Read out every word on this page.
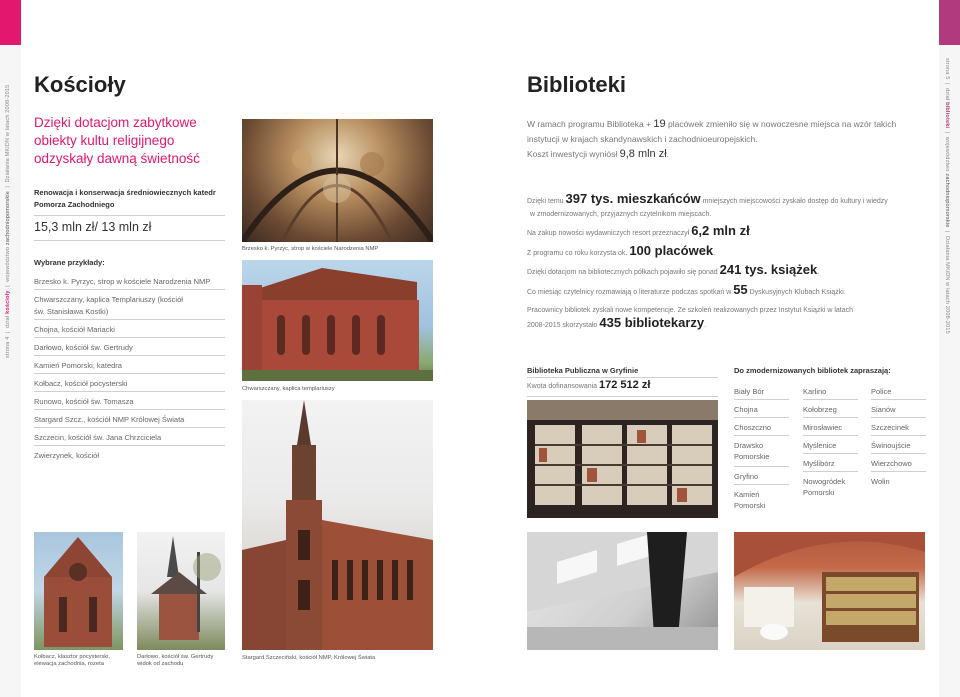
strona 4  |  dział kościoły  |  województwo zachodniopomorskie  |  Działania MKiDN w latach 2008-2015
Kościoły
Dzięki dotacjom zabytkowe obiekty kultu religijnego odzyskały dawną świetność
Renowacja i konserwacja średniowiecznych katedr Pomorza Zachodniego
15,3 mln zł/ 13 mln zł
Wybrane przykłady:
Brzesko k. Pyrzyc, strop w kościele Narodzenia NMP
Chwarszczany, kaplica Templariuszy (kościół św. Stanisława Kostki)
Chojna, kościół Mariacki
Darłowo, kościół św. Gertrudy
Kamień Pomorski, katedra
Kołbacz, kościół pocysterski
Runowo, kościół św. Tomasza
Stargard Szcz., kościół NMP Królowej Świata
Szczecin, kościół św. Jana Chrzciciela
Zwierzynek, kościół
Brzesko k. Pyrzyc, strop w kościele Narodzenia NMP
Chwarszczany, kaplica templariuszy
Stargard Szczeciński, kościół NMP, Królowej Świata
Kołbacz, klasztor pocysterski, elewacja zachodnia, rozeta
Darłowo, kościół św. Gertrudy widok od zachodu
Biblioteki
W ramach programu Biblioteka + 19 placówek zmieniło się w nowoczesne miejsca na wzór takich instytucji w krajach skandynawskich i zachodnioeuropejskich.
Koszt inwestycji wyniósł 9,8 mln zł.
Dzięki temu 397 tys. mieszkańców mniejszych miejscowości zyskało dostęp do kultury i wiedzy
w zmodernizowanych, przyjaznych czytelnikom miejscach.
Na zakup nowości wydawniczych resort przeznaczył 6,2 mln zł.
Z programu co roku korzysta ok. 100 placówek.
Dzięki dotacjom na bibliotecznych półkach pojawiło się ponad 241 tys. książek.
Co miesiąc czytelnicy rozmawiają o literaturze podczas spotkań w 55 Dyskusyjnych Klubach Książki.
Pracownicy bibliotek zyskali nowe kompetencje. Ze szkoleń realizowanych przez Instytut Książki w latach
2008-2015 skorzystało 435 bibliotekarzy.
Biblioteka Publiczna w Gryfinie
Kwota dofinansowania 172 512 zł
Do zmodernizowanych bibliotek zapraszają:
Biały Bór
Chojna
Choszczno
Drawsko Pomorskie
Gryfino
Kamień Pomorski
Karlino
Kołobrzeg
Mirosławiec
Myślenice
Myślibórz
Nowogródek Pomorski
Police
Sianów
Szczecinek
Świnoujście
Wierzchowo
Wolin
strona 5  |  dział biblioteki  |  województwo zachodniopomorskie  |  Działania MKiDN w latach 2008-2015
